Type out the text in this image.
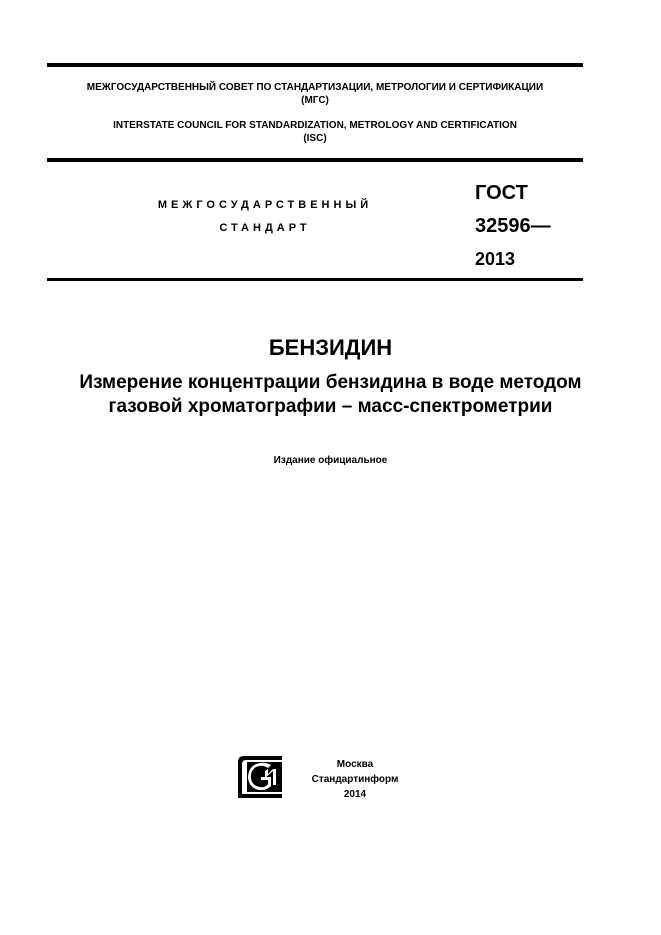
МЕЖГОСУДАРСТВЕННЫЙ СОВЕТ ПО СТАНДАРТИЗАЦИИ, МЕТРОЛОГИИ И СЕРТИФИКАЦИИ
(МГС)
INTERSTATE COUNCIL FOR STANDARDIZATION, METROLOGY AND CERTIFICATION
(ISC)
МЕЖГОСУДАРСТВЕННЫЙ
СТАНДАРТ
ГОСТ
32596—
2013
БЕНЗИДИН
Измерение концентрации бензидина в воде методом
газовой хроматографии – масс-спектрометрии
Издание официальное
Москва
Стандартинформ
2014
